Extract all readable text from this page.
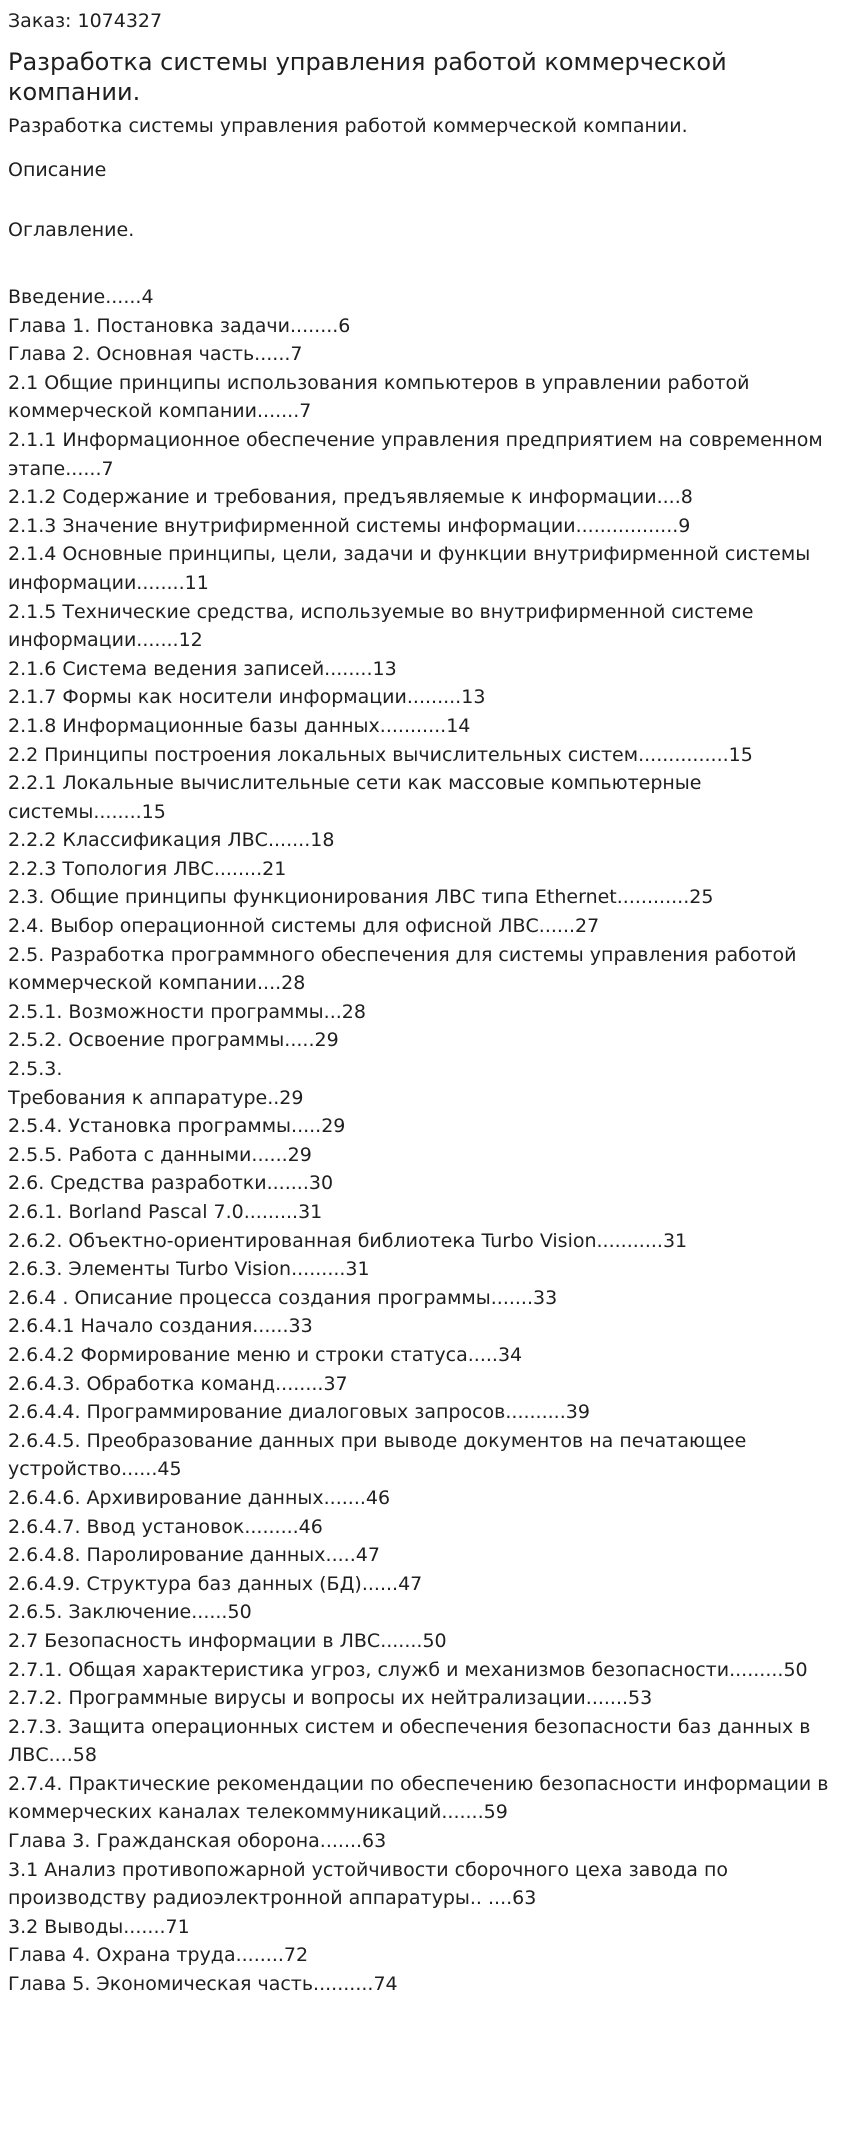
Заказ: 1074327
Разработка системы управления работой коммерческой компании.
Разработка системы управления работой коммерческой компании.
Описание
Оглавление.
Введение......4
Глава 1. Постановка задачи........6
Глава 2. Основная часть......7
2.1 Общие принципы использования компьютеров в управлении работой коммерческой компании.......7
2.1.1 Информационное обеспечение управления предприятием на современном этапе......7
2.1.2 Содержание и требования, предъявляемые к информации....8
2.1.3 Значение внутрифирменной системы информации.................9
2.1.4 Основные принципы, цели, задачи и функции внутрифирменной системы информации........11
2.1.5 Технические средства, используемые во внутрифирменной системе информации.......12
2.1.6 Система ведения записей........13
2.1.7 Формы как носители информации.........13
2.1.8 Информационные базы данных...........14
2.2 Принципы построения локальных вычислительных систем...............15
2.2.1 Локальные вычислительные сети как массовые компьютерные системы........15
2.2.2 Классификация ЛВС.......18
2.2.3 Топология ЛВС........21
2.3. Общие принципы функционирования ЛВС типа Ethernet............25
2.4. Выбор операционной системы для офисной ЛВС......27
2.5. Разработка программного обеспечения для системы управления работой коммерческой компании....28
2.5.1. Возможности программы...28
2.5.2. Освоение программы.....29
2.5.3.
Требования к аппаратуре..29
2.5.4. Установка программы.....29
2.5.5. Работа с данными......29
2.6. Средства разработки.......30
2.6.1. Borland Pascal 7.0.........31
2.6.2. Объектно-ориентированная библиотека Turbo Vision...........31
2.6.3. Элементы Turbo Vision.........31
2.6.4 . Описание процесса создания программы.......33
2.6.4.1 Начало создания......33
2.6.4.2 Формирование меню и строки статуса.....34
2.6.4.3. Обработка команд........37
2.6.4.4. Программирование диалоговых запросов..........39
2.6.4.5. Преобразование данных при выводе документов на печатающее устройство......45
2.6.4.6. Архивирование данных.......46
2.6.4.7. Ввод установок.........46
2.6.4.8. Паролирование данных.....47
2.6.4.9. Структура баз данных (БД)......47
2.6.5. Заключение......50
2.7 Безопасность информации в ЛВС.......50
2.7.1. Общая характеристика угроз, служб и механизмов безопасности.........50
2.7.2. Программные вирусы и вопросы их нейтрализации.......53
2.7.3. Защита операционных систем и обеспечения безопасности баз данных в ЛВС....58
2.7.4. Практические рекомендации по обеспечению безопасности информации в коммерческих каналах телекоммуникаций.......59
Глава 3. Гражданская оборона.......63
3.1 Анализ противопожарной устойчивости сборочного цеха завода по производству радиоэлектронной аппаратуры.. ....63
3.2 Выводы.......71
Глава 4. Охрана труда........72
Глава 5. Экономическая часть..........74
